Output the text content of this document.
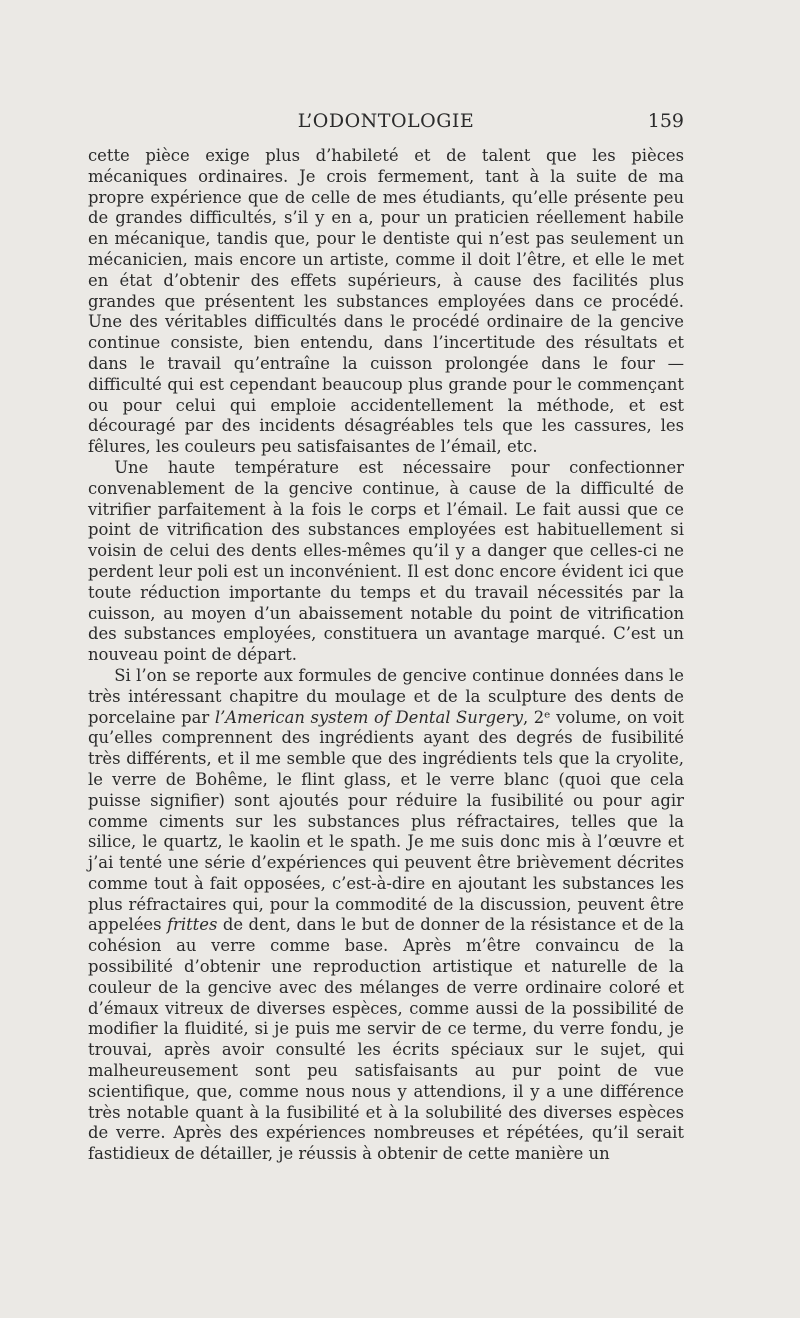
L’ODONTOLOGIE	159

cette pièce exige plus d’habileté et de talent que les pièces mécaniques ordinaires. Je crois fermement, tant à la suite de ma propre expérience que de celle de mes étudiants, qu’elle présente peu de grandes difficultés, s’il y en a, pour un praticien réellement habile en mécanique, tandis que, pour le dentiste qui n’est pas seulement un mécanicien, mais encore un artiste, comme il doit l’être, et elle le met en état d’obtenir des effets supérieurs, à cause des facilités plus grandes que présentent les substances employées dans ce procédé. Une des véritables difficultés dans le procédé ordinaire de la gencive continue consiste, bien entendu, dans l’incertitude des résultats et dans le travail qu’entraîne la cuisson prolongée dans le four — difficulté qui est cependant beaucoup plus grande pour le commençant ou pour celui qui emploie accidentellement la méthode, et est découragé par des incidents désagréables tels que les cassures, les fêlures, les couleurs peu satisfaisantes de l’émail, etc.

Une haute température est nécessaire pour confectionner convenablement de la gencive continue, à cause de la difficulté de vitrifier parfaitement à la fois le corps et l’émail. Le fait aussi que ce point de vitrification des substances employées est habituellement si voisin de celui des dents elles-mêmes qu’il y a danger que celles-ci ne perdent leur poli est un inconvénient. Il est donc encore évident ici que toute réduction importante du temps et du travail nécessités par la cuisson, au moyen d’un abaissement notable du point de vitrification des substances employées, constituera un avantage marqué. C’est un nouveau point de départ.

Si l’on se reporte aux formules de gencive continue données dans le très intéressant chapitre du moulage et de la sculpture des dents de porcelaine par l’American system of Dental Surgery, 2ᵉ volume, on voit qu’elles comprennent des ingrédients ayant des degrés de fusibilité très différents, et il me semble que des ingrédients tels que la cryolite, le verre de Bohême, le flint glass, et le verre blanc (quoi que cela puisse signifier) sont ajoutés pour réduire la fusibilité ou pour agir comme ciments sur les substances plus réfractaires, telles que la silice, le quartz, le kaolin et le spath. Je me suis donc mis à l’œuvre et j’ai tenté une série d’expériences qui peuvent être brièvement décrites comme tout à fait opposées, c’est-à-dire en ajoutant les substances les plus réfractaires qui, pour la commodité de la discussion, peuvent être appelées frittes de dent, dans le but de donner de la résistance et de la cohésion au verre comme base. Après m’être convaincu de la possibilité d’obtenir une reproduction artistique et naturelle de la couleur de la gencive avec des mélanges de verre ordinaire coloré et d’émaux vitreux de diverses espèces, comme aussi de la possibilité de modifier la fluidité, si je puis me servir de ce terme, du verre fondu, je trouvai, après avoir consulté les écrits spéciaux sur le sujet, qui malheureusement sont peu satisfaisants au pur point de vue scientifique, que, comme nous nous y attendions, il y a une différence très notable quant à la fusibilité et à la solubilité des diverses espèces de verre. Après des expériences nombreuses et répétées, qu’il serait fastidieux de détailler, je réussis à obtenir de cette manière un
